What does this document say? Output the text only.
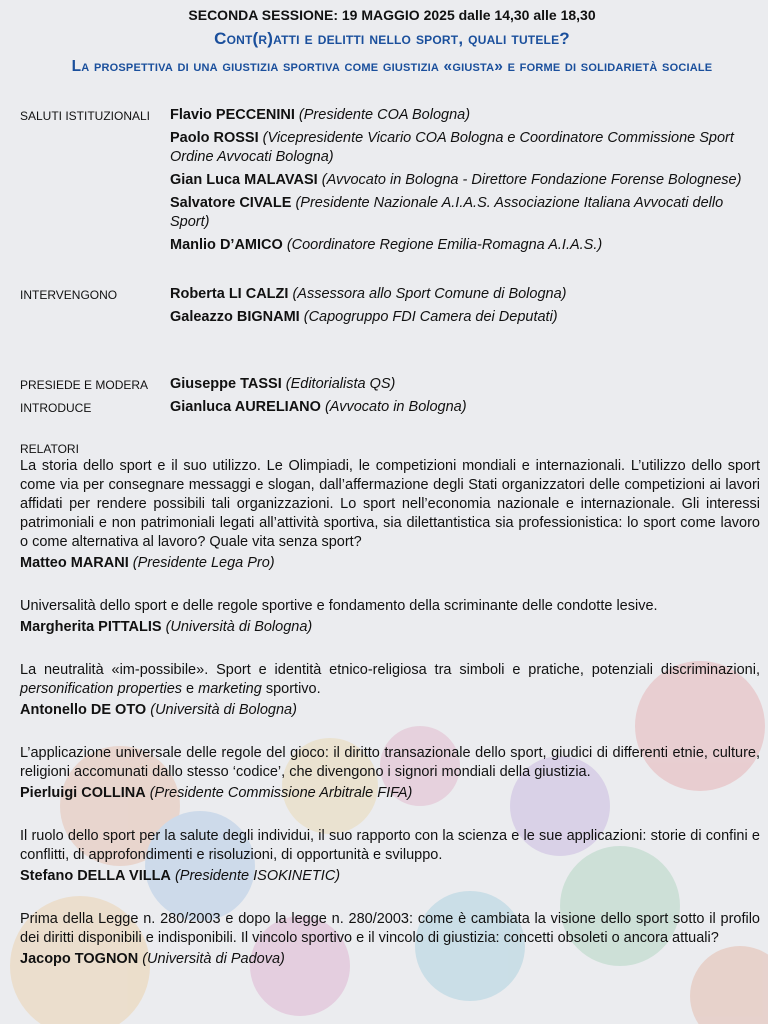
SECONDA SESSIONE: 19 MAGGIO 2025 dalle 14,30 alle 18,30
Cont(r)atti e delitti nello sport, quali tutele?
La prospettiva di una giustizia sportiva come giustizia «giusta» e forme di solidarietà sociale
SALUTI ISTITUZIONALI	Flavio PECCENINI (Presidente COA Bologna)
Paolo ROSSI (Vicepresidente Vicario COA Bologna e Coordinatore Commissione Sport Ordine Avvocati Bologna)
Gian Luca MALAVASI (Avvocato in Bologna - Direttore Fondazione Forense Bolognese)
Salvatore CIVALE (Presidente Nazionale A.I.A.S. Associazione Italiana Avvocati dello Sport)
Manlio D’AMICO (Coordinatore Regione Emilia-Romagna A.I.A.S.)
INTERVENGONO	Roberta LI CALZI (Assessora allo Sport Comune di Bologna)
Galeazzo BIGNAMI (Capogruppo FDI Camera dei Deputati)
PRESIEDE E MODERA	Giuseppe TASSI (Editorialista QS)
INTRODUCE	Gianluca AURELIANO (Avvocato in Bologna)
RELATORI
La storia dello sport e il suo utilizzo. Le Olimpiadi, le competizioni mondiali e internazionali. L’utilizzo dello sport come via per consegnare messaggi e slogan, dall’affermazione degli Stati organizzatori delle competizioni ai lavori affidati per rendere possibili tali organizzazioni. Lo sport nell’economia nazionale e internazionale. Gli interessi patrimoniali e non patrimoniali legati all’attività sportiva, sia dilettantistica sia professionistica: lo sport come lavoro o come alternativa al lavoro? Quale vita senza sport?
Matteo MARANI (Presidente Lega Pro)
Universalità dello sport e delle regole sportive e fondamento della scriminante delle condotte lesive.
Margherita PITTALIS (Università di Bologna)
La neutralità «im-possibile». Sport e identità etnico-religiosa tra simboli e pratiche, potenziali discriminazioni, personification properties e marketing sportivo.
Antonello DE OTO (Università di Bologna)
L’applicazione universale delle regole del gioco: il diritto transazionale dello sport, giudici di differenti etnie, culture, religioni accomunati dallo stesso ‘codice’, che divengono i signori mondiali della giustizia.
Pierluigi COLLINA (Presidente Commissione Arbitrale FIFA)
Il ruolo dello sport per la salute degli individui, il suo rapporto con la scienza e le sue applicazioni: storie di confini e conflitti, di approfondimenti e risoluzioni, di opportunità e sviluppo.
Stefano DELLA VILLA (Presidente ISOKINETIC)
Prima della Legge n. 280/2003 e dopo la legge n. 280/2003: come è cambiata la visione dello sport sotto il profilo dei diritti disponibili e indisponibili. Il vincolo sportivo e il vincolo di giustizia: concetti obsoleti o ancora attuali?
Jacopo TOGNON (Università di Padova)
